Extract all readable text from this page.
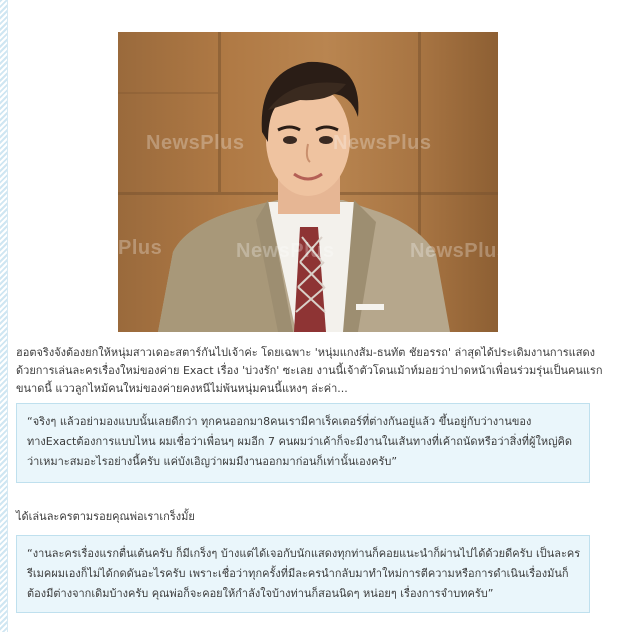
NewsPlus	NewsPlus
Plus	NewsPlus	NewsPlus
ฮอตจริงจังต้องยกให้หนุ่มสาวเดอะสตาร์กันไปเจ้าค่ะ โดยเฉพาะ 'หนุ่มแกงส้ม-ธนทัต ชัยอรรถ' ล่าสุดได้ประเดิมงานการแสดงด้วยการเล่นละครเรื่องใหม่ของค่าย Exact เรื่อง 'บ่วงรัก' ซะเลย งานนี้เจ้าตัวโดนเม้าท์มอยว่าปาดหน้าเพื่อนร่วมรุ่นเป็นคนแรกขนาดนี้ แววลูกไหม้คนใหม่ของค่ายคงหนีไม่พ้นหนุ่มคนนี้แหงๆ ล่ะค่า...
“จริงๆ แล้วอย่ามองแบบนั้นเลยดีกว่า ทุกคนออกมา8คนเรามีคาเร็คเตอร์ที่ต่างกันอยู่แล้ว ขึ้นอยู่กับว่างานของทางExactต้องการแบบไหน ผมเชื่อว่าเพื่อนๆ ผมอีก 7 คนผมว่าเค้าก็จะมีงานในเส้นทางที่เค้าถนัดหรือว่าสิ่งที่ผู้ใหญ่คิดว่าเหมาะสมอะไรอย่างนี้ครับ แค่บังเอิญว่าผมมีงานออกมาก่อนก็เท่านั้นเองครับ”
ได้เล่นละครตามรอยคุณพ่อเราเกร็งมั้ย
“งานละครเรื่องแรกตื่นเต้นครับ ก็มีเกร็งๆ บ้างแต่ได้เจอกับนักแสดงทุกท่านก็คอยแนะนำก็ผ่านไปได้ด้วยดีครับ เป็นละครรีเมคผมเองก็ไม่ได้กดดันอะไรครับ เพราะเชื่อว่าทุกครั้งที่มีละครนำกลับมาทำใหม่การตีความหรือการดำเนินเรื่องมันก็ต้องมีต่างจากเดิมบ้างครับ คุณพ่อก็จะคอยให้กำลังใจบ้างท่านก็สอนนิดๆ หน่อยๆ เรื่องการจำบทครับ”
